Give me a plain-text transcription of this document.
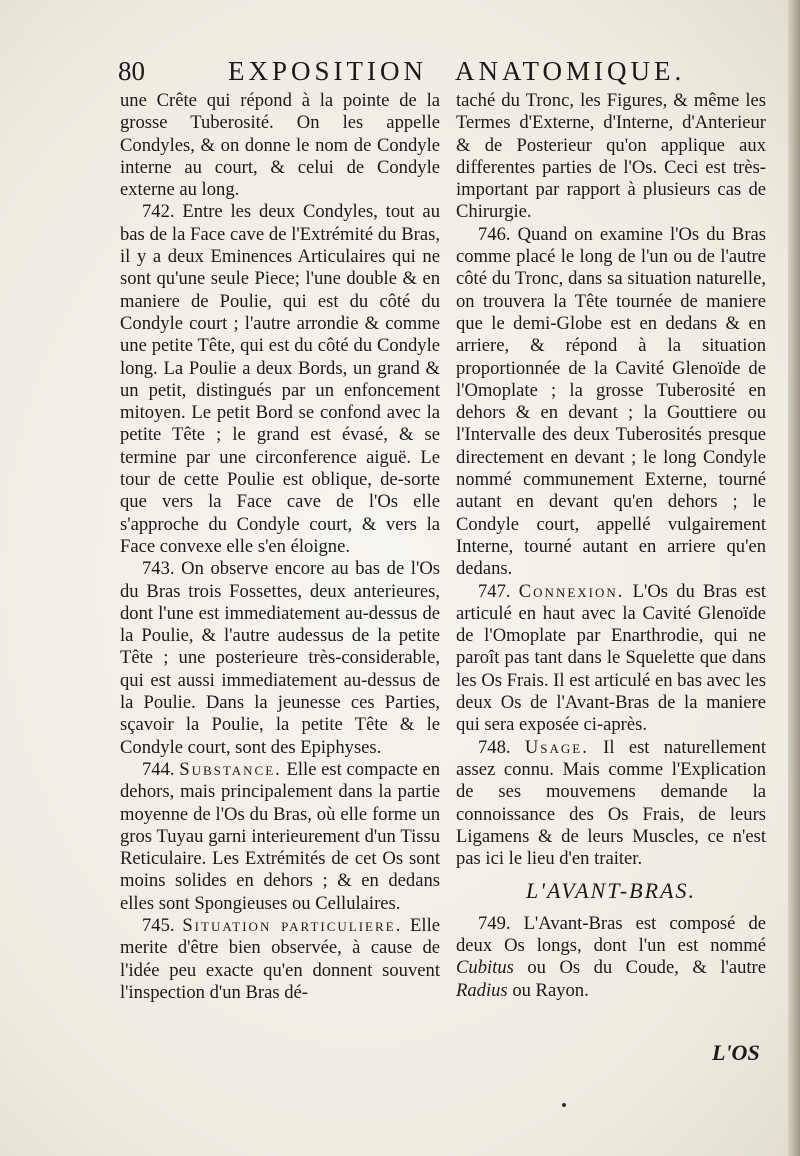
80	EXPOSITION ANATOMIQUE.

une Crête qui répond à la pointe de la grosse Tuberosité. On les appelle Condyles, & on donne le nom de Condyle interne au court, & celui de Condyle externe au long.

742. Entre les deux Condyles, tout au bas de la Face cave de l'Extrémité du Bras, il y a deux Eminences Articulaires qui ne sont qu'une seule Piece; l'une double & en maniere de Poulie, qui est du côté du Condyle court ; l'autre arrondie & comme une petite Tête, qui est du côté du Condyle long. La Poulie a deux Bords, un grand & un petit, distingués par un enfoncement mitoyen. Le petit Bord se confond avec la petite Tête ; le grand est évasé, & se termine par une circonference aiguë. Le tour de cette Poulie est oblique, de-sorte que vers la Face cave de l'Os elle s'approche du Condyle court, & vers la Face convexe elle s'en éloigne.

743. On observe encore au bas de l'Os du Bras trois Fossettes, deux anterieures, dont l'une est immediatement au-dessus de la Poulie, & l'autre audessus de la petite Tête ; une posterieure très-considerable, qui est aussi immediatement au-dessus de la Poulie. Dans la jeunesse ces Parties, sçavoir la Poulie, la petite Tête & le Condyle court, sont des Epiphyses.

744. Substance. Elle est compacte en dehors, mais principalement dans la partie moyenne de l'Os du Bras, où elle forme un gros Tuyau garni interieurement d'un Tissu Reticulaire. Les Extrémités de cet Os sont moins solides en dehors ; & en dedans elles sont Spongieuses ou Cellulaires.

745. Situation particuliere. Elle merite d'être bien observée, à cause de l'idée peu exacte qu'en donnent souvent l'inspection d'un Bras dé-

taché du Tronc, les Figures, & même les Termes d'Externe, d'Interne, d'Anterieur & de Posterieur qu'on applique aux differentes parties de l'Os. Ceci est très-important par rapport à plusieurs cas de Chirurgie.

746. Quand on examine l'Os du Bras comme placé le long de l'un ou de l'autre côté du Tronc, dans sa situation naturelle, on trouvera la Tête tournée de maniere que le demi-Globe est en dedans & en arriere, & répond à la situation proportionnée de la Cavité Glenoïde de l'Omoplate ; la grosse Tuberosité en dehors & en devant ; la Gouttiere ou l'Intervalle des deux Tuberosités presque directement en devant ; le long Condyle nommé communement Externe, tourné autant en devant qu'en dehors ; le Condyle court, appellé vulgairement Interne, tourné autant en arriere qu'en dedans.

747. Connexion. L'Os du Bras est articulé en haut avec la Cavité Glenoïde de l'Omoplate par Enarthrodie, qui ne paroît pas tant dans le Squelette que dans les Os Frais. Il est articulé en bas avec les deux Os de l'Avant-Bras de la maniere qui sera exposée ci-après.

748. Usage. Il est naturellement assez connu. Mais comme l'Explication de ses mouvemens demande la connoissance des Os Frais, de leurs Ligamens & de leurs Muscles, ce n'est pas ici le lieu d'en traiter.

L'AVANT-BRAS.

749. L'Avant-Bras est composé de deux Os longs, dont l'un est nommé Cubitus ou Os du Coude, & l'autre Radius ou Rayon.

L'OS
